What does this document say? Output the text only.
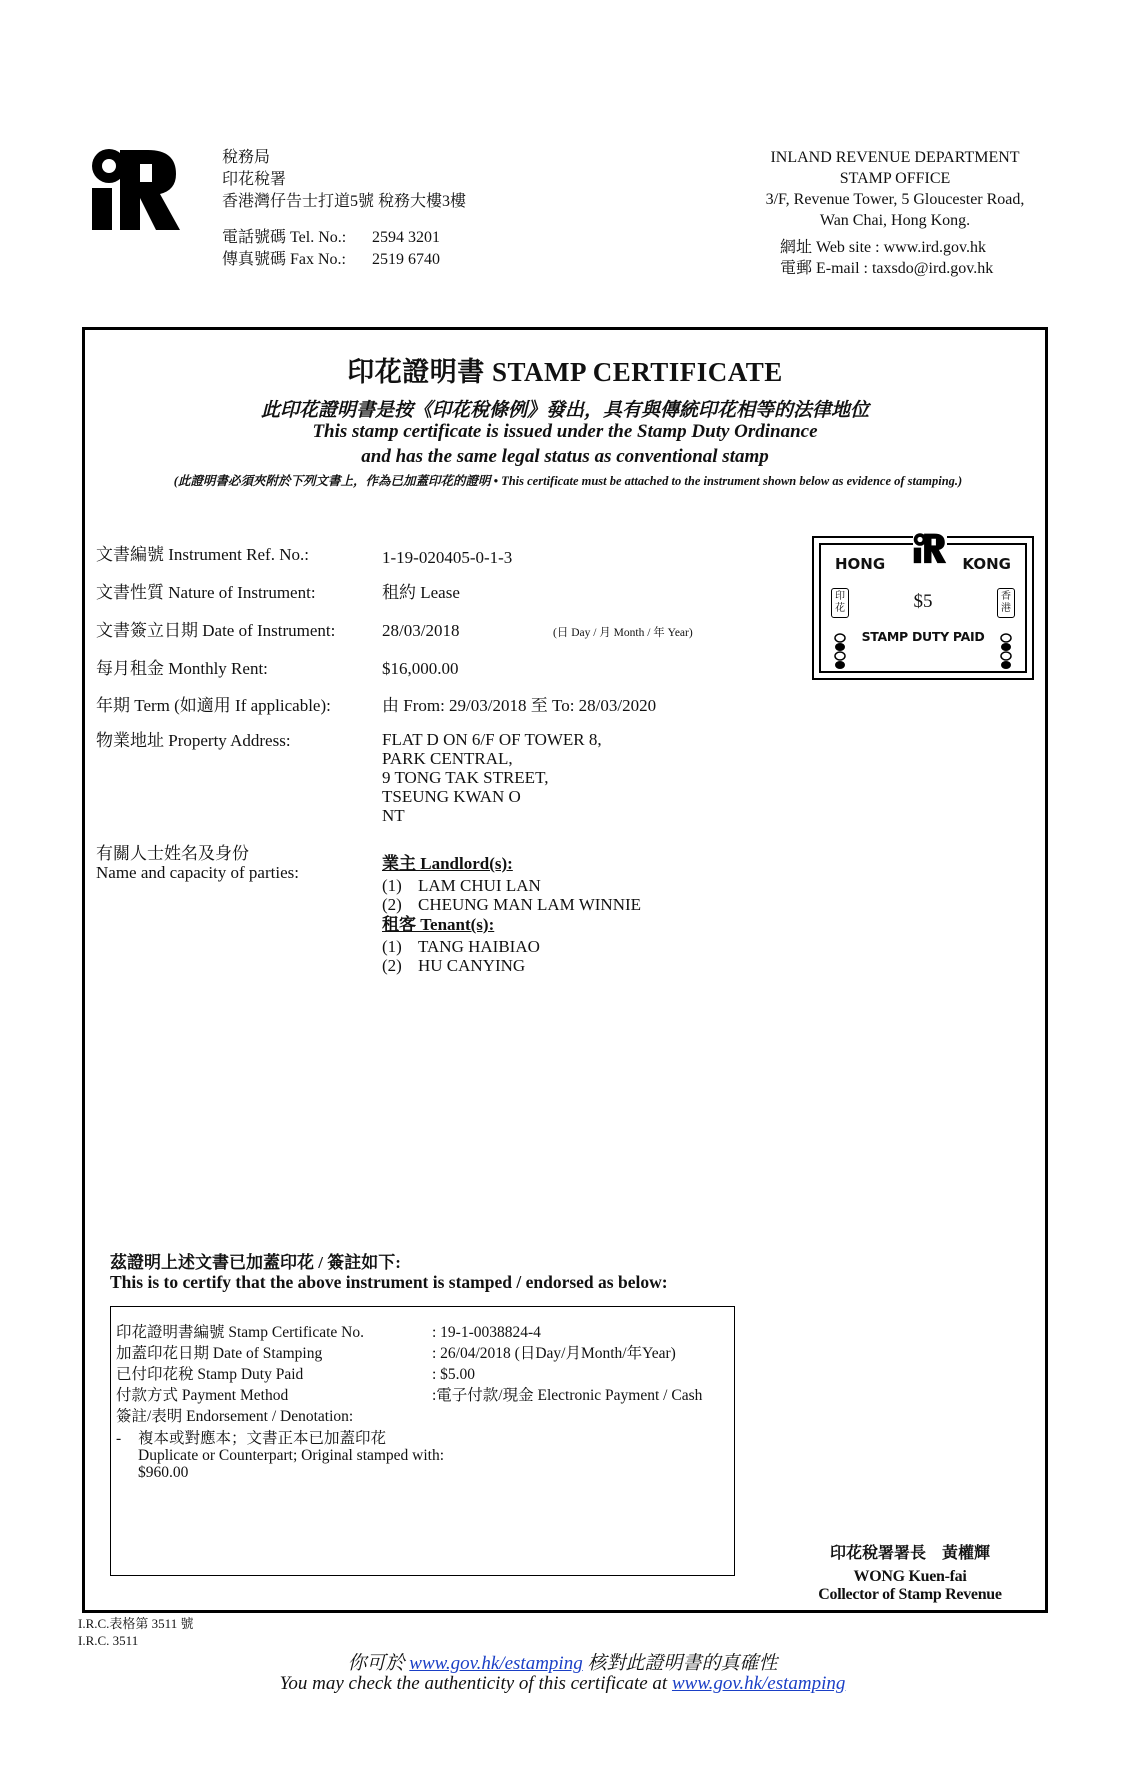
稅務局
印花稅署
香港灣仔告士打道5號 稅務大樓3樓
電話號碼 Tel. No.: 2594 3201
傳真號碼 Fax No.: 2519 6740
INLAND REVENUE DEPARTMENT
STAMP OFFICE
3/F, Revenue Tower, 5 Gloucester Road,
Wan Chai, Hong Kong.
網址 Web site : www.ird.gov.hk
電郵 E-mail : taxsdo@ird.gov.hk
印花證明書 STAMP CERTIFICATE
此印花證明書是按《印花稅條例》發出，具有與傳統印花相等的法律地位
This stamp certificate is issued under the Stamp Duty Ordinance
and has the same legal status as conventional stamp
(此證明書必須夾附於下列文書上，作為已加蓋印花的證明 • This certificate must be attached to the instrument shown below as evidence of stamping.)
文書編號 Instrument Ref. No.:	1-19-020405-0-1-3
文書性質 Nature of Instrument:	租約 Lease
文書簽立日期 Date of Instrument:	28/03/2018	(日 Day / 月 Month / 年 Year)
每月租金 Monthly Rent:	$16,000.00
年期 Term (如適用 If applicable):	由 From: 29/03/2018 至 To: 28/03/2020
物業地址 Property Address:	FLAT D ON 6/F OF TOWER 8,
PARK CENTRAL,
9 TONG TAK STREET,
TSEUNG KWAN O
NT
有關人士姓名及身份
Name and capacity of parties:	業主 Landlord(s):
(1) LAM CHUI LAN
(2) CHEUNG MAN LAM WINNIE
租客 Tenant(s):
(1) TANG HAIBIAO
(2) HU CANYING
HONG	KONG
印花
香港
$5
STAMP DUTY PAID
茲證明上述文書已加蓋印花 / 簽註如下:
This is to certify that the above instrument is stamped / endorsed as below:
印花證明書編號 Stamp Certificate No.	: 19-1-0038824-4
加蓋印花日期 Date of Stamping	: 26/04/2018 (日Day/月Month/年Year)
已付印花稅 Stamp Duty Paid	: $5.00
付款方式 Payment Method	:電子付款/現金 Electronic Payment / Cash
簽註/表明 Endorsement / Denotation:
- 複本或對應本；文書正本已加蓋印花
Duplicate or Counterpart; Original stamped with:
$960.00
印花稅署署長　黃權輝
WONG Kuen-fai
Collector of Stamp Revenue
I.R.C.表格第 3511 號
I.R.C. 3511
你可於 www.gov.hk/estamping 核對此證明書的真確性
You may check the authenticity of this certificate at www.gov.hk/estamping
